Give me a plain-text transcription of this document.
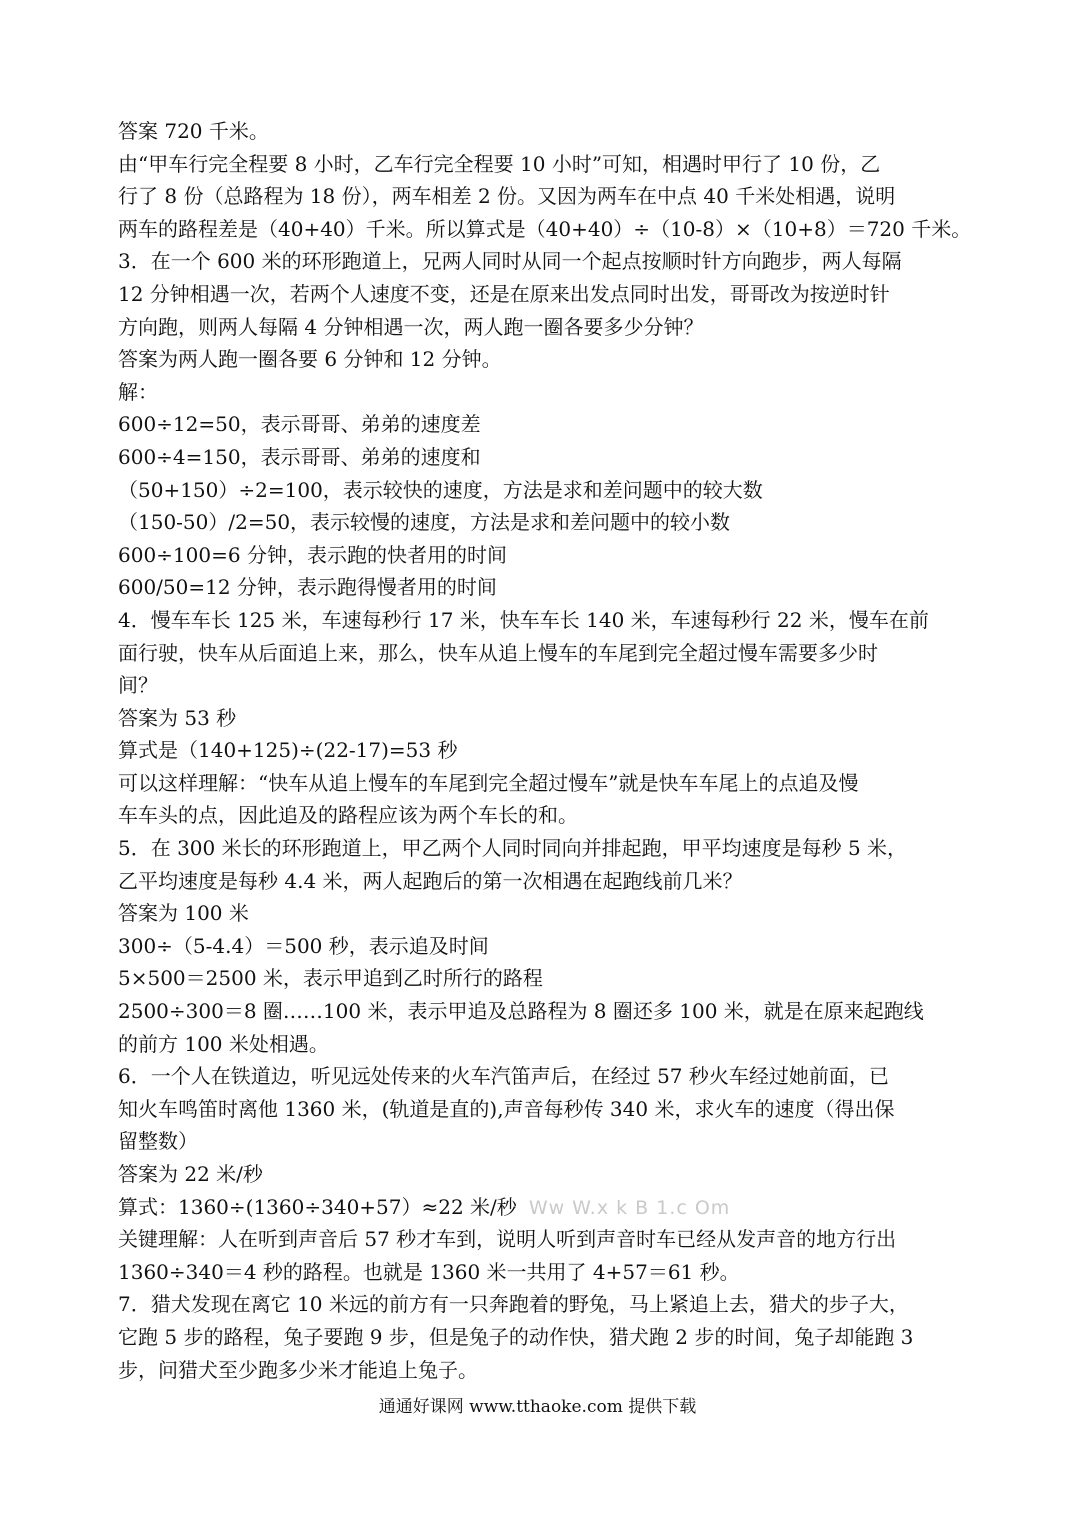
答案 720 千米。
由“甲车行完全程要 8 小时，乙车行完全程要 10 小时”可知，相遇时甲行了 10 份，乙
行了 8 份（总路程为 18 份），两车相差 2 份。又因为两车在中点 40 千米处相遇，说明
两车的路程差是（40+40）千米。所以算式是（40+40）÷（10-8）×（10+8）＝720 千米。
3．在一个 600 米的环形跑道上，兄两人同时从同一个起点按顺时针方向跑步，两人每隔
12 分钟相遇一次，若两个人速度不变，还是在原来出发点同时出发，哥哥改为按逆时针
方向跑，则两人每隔 4 分钟相遇一次，两人跑一圈各要多少分钟？
答案为两人跑一圈各要 6 分钟和 12 分钟。
解：
600÷12=50，表示哥哥、弟弟的速度差
600÷4=150，表示哥哥、弟弟的速度和
（50+150）÷2=100，表示较快的速度，方法是求和差问题中的较大数
（150-50）/2=50，表示较慢的速度，方法是求和差问题中的较小数
600÷100=6 分钟，表示跑的快者用的时间
600/50=12 分钟，表示跑得慢者用的时间
4．慢车车长 125 米，车速每秒行 17 米，快车车长 140 米，车速每秒行 22 米，慢车在前
面行驶，快车从后面追上来，那么，快车从追上慢车的车尾到完全超过慢车需要多少时
间？
答案为 53 秒
算式是（140+125)÷(22-17)=53 秒
可以这样理解：“快车从追上慢车的车尾到完全超过慢车”就是快车车尾上的点追及慢
车车头的点，因此追及的路程应该为两个车长的和。
5．在 300 米长的环形跑道上，甲乙两个人同时同向并排起跑，甲平均速度是每秒 5 米，
乙平均速度是每秒 4.4 米，两人起跑后的第一次相遇在起跑线前几米？
答案为 100 米
300÷（5-4.4）＝500 秒，表示追及时间
5×500＝2500 米，表示甲追到乙时所行的路程
2500÷300＝8 圈……100 米，表示甲追及总路程为 8 圈还多 100 米，就是在原来起跑线
的前方 100 米处相遇。
6．一个人在铁道边，听见远处传来的火车汽笛声后，在经过 57 秒火车经过她前面，已
知火车鸣笛时离他 1360 米，(轨道是直的),声音每秒传 340 米，求火车的速度（得出保
留整数）
答案为 22 米/秒
算式：1360÷(1360÷340+57）≈22 米/秒 Ww W.x k B 1.c Om
关键理解：人在听到声音后 57 秒才车到，说明人听到声音时车已经从发声音的地方行出
1360÷340＝4 秒的路程。也就是 1360 米一共用了 4+57＝61 秒。
7．猎犬发现在离它 10 米远的前方有一只奔跑着的野兔，马上紧追上去，猎犬的步子大，
它跑 5 步的路程，兔子要跑 9 步，但是兔子的动作快，猎犬跑 2 步的时间，兔子却能跑 3
步，问猎犬至少跑多少米才能追上兔子。
通通好课网 www.tthaoke.com 提供下载
